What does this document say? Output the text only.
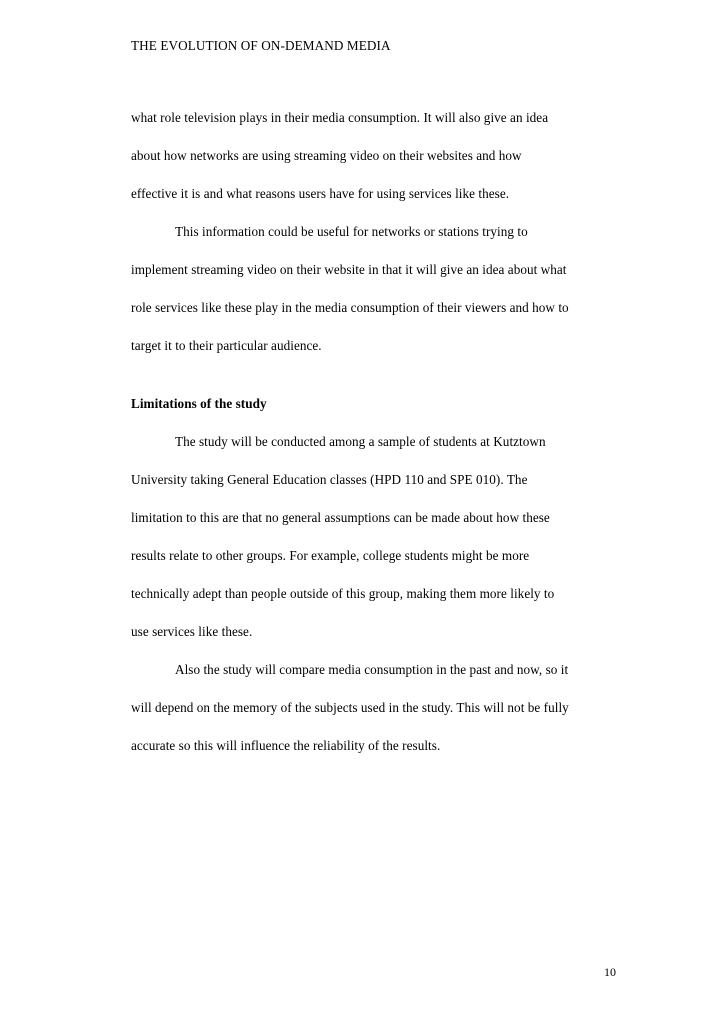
THE EVOLUTION OF ON-DEMAND MEDIA
what role television plays in their media consumption. It will also give an idea
about how networks are using streaming video on their websites and how
effective it is and what reasons users have for using services like these.
This information could be useful for networks or stations trying to
implement streaming video on their website in that it will give an idea about what
role services like these play in the media consumption of their viewers and how to
target it to their particular audience.
Limitations of the study
The study will be conducted among a sample of students at Kutztown
University taking General Education classes (HPD 110 and SPE 010). The
limitation to this are that no general assumptions can be made about how these
results relate to other groups. For example, college students might be more
technically adept than people outside of this group, making them more likely to
use services like these.
Also the study will compare media consumption in the past and now, so it
will depend on the memory of the subjects used in the study. This will not be fully
accurate so this will influence the reliability of the results.
10
